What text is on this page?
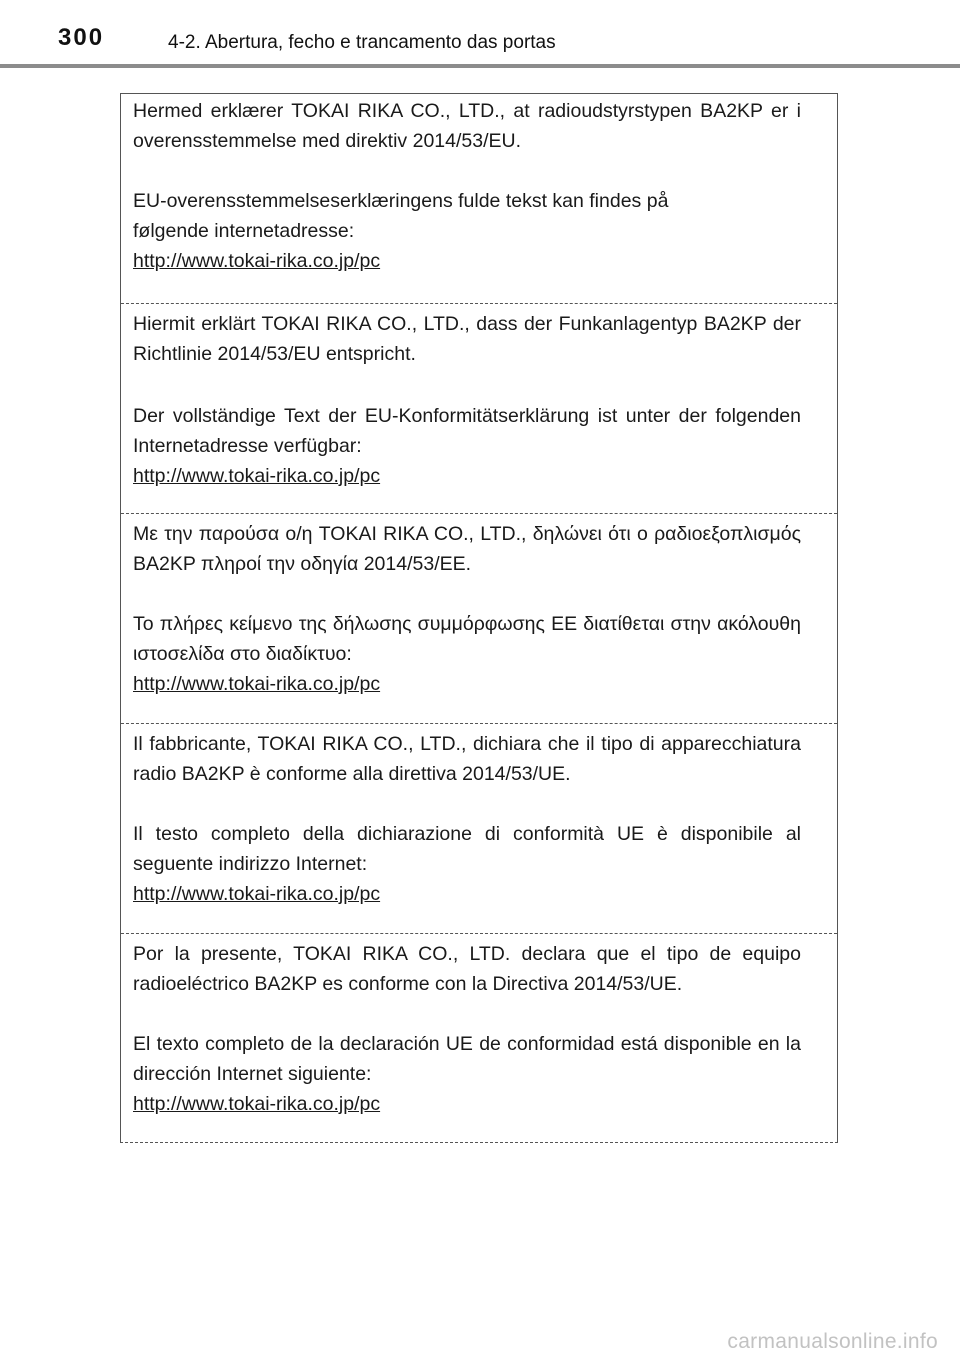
300	4-2. Abertura, fecho e trancamento das portas

Hermed erklærer TOKAI RIKA CO., LTD., at radioudstyrstypen BA2KP er i overensstemmelse med direktiv 2014/53/EU.

EU-overensstemmelseserklæringens fulde tekst kan findes på følgende internetadresse:

http://www.tokai-rika.co.jp/pc

Hiermit erklärt TOKAI RIKA CO., LTD., dass der Funkanlagentyp BA2KP der Richtlinie 2014/53/EU entspricht.

Der vollständige Text der EU-Konformitätserklärung ist unter der folgenden Internetadresse verfügbar:

http://www.tokai-rika.co.jp/pc

Με την παρούσα ο/η TOKAI RIKA CO., LTD., δηλώνει ότι ο ραδιοεξοπλισμός BA2KP πληροί την οδηγία 2014/53/ΕΕ.

Το πλήρες κείμενο της δήλωσης συμμόρφωσης ΕΕ διατίθεται στην ακόλουθη ιστοσελίδα στο διαδίκτυο:

http://www.tokai-rika.co.jp/pc

Il fabbricante, TOKAI RIKA CO., LTD., dichiara che il tipo di apparecchiatura radio BA2KP è conforme alla direttiva 2014/53/UE.

Il testo completo della dichiarazione di conformità UE è disponibile al seguente indirizzo Internet:

http://www.tokai-rika.co.jp/pc

Por la presente, TOKAI RIKA CO., LTD. declara que el tipo de equipo radioeléctrico BA2KP es conforme con la Directiva 2014/53/UE.

El texto completo de la declaración UE de conformidad está disponible en la dirección Internet siguiente:

http://www.tokai-rika.co.jp/pc
carmanualsonline.info
